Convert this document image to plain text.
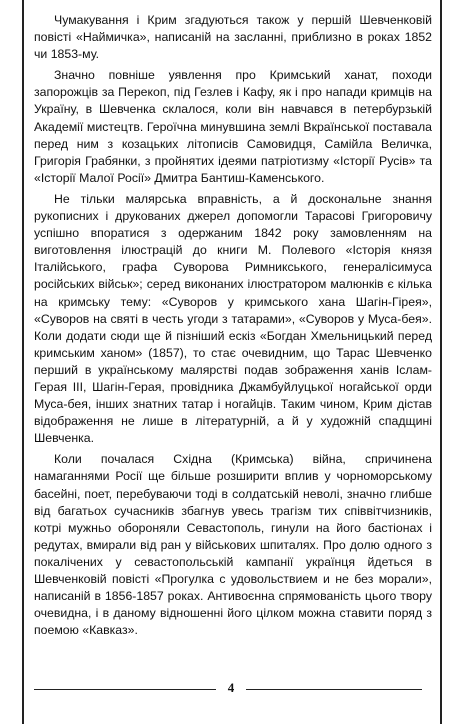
Чумакування і Крим згадуються також у першій Шевченковій повісті «Наймичка», написаній на засланні, приблизно в роках 1852 чи 1853-му.

Значно повніше уявлення про Кримський ханат, походи запорожців за Перекоп, під Гезлев і Кафу, як і про напади кримців на Україну, в Шевченка склалося, коли він навчався в петербурзькій Академії мистецтв. Героїчна минувшина землі Вкраїнської поставала перед ним з козацьких літописів Самовидця, Самійла Величка, Григорія Грабянки, з пройнятих ідеями патріотизму «Історії Русів» та «Історії Малої Росії» Дмитра Бантиш-Каменського.

Не тільки малярська вправність, а й доскональне знання рукописних і друкованих джерел допомогли Тарасові Григоровичу успішно впоратися з одержаним 1842 року замовленням на виготовлення ілюстрацій до книги М. Полевого «Історія князя Італійського, графа Суворова Римникського, генералісимуса російських військ»; серед виконаних ілюстратором малюнків є кілька на кримську тему: «Суворов у кримського хана Шагін-Гірея», «Суворов на святі в честь угоди з татарами», «Суворов у Муса-бея». Коли додати сюди ще й пізніший ескіз «Богдан Хмельницький перед кримським ханом» (1857), то стає очевидним, що Тарас Шевченко перший в українському малярстві подав зображення ханів Іслам-Герая ІІІ, Шагін-Герая, провідника Джамбуйлуцької ногайської орди Муса-бея, інших знатних татар і ногайців. Таким чином, Крим дістав відображення не лише в літературній, а й у художній спадщині Шевченка.

Коли почалася Східна (Кримська) війна, спричинена намаганнями Росії ще більше розширити вплив у чорноморському басейні, поет, перебуваючи тоді в солдатській неволі, значно глибше від багатьох сучасників збагнув увесь трагізм тих співвітчизників, котрі мужньо обороняли Севастополь, гинули на його бастіонах і редутах, вмирали від ран у військових шпиталях. Про долю одного з покалічених у севастопольській кампанії українця йдеться в Шевченковій повісті «Прогулка с удовольствием и не без морали», написаній в 1856-1857 роках. Антивоєнна спрямованість цього твору очевидна, і в даному відношенні його цілком можна ставити поряд з поемою «Кавказ».

4
